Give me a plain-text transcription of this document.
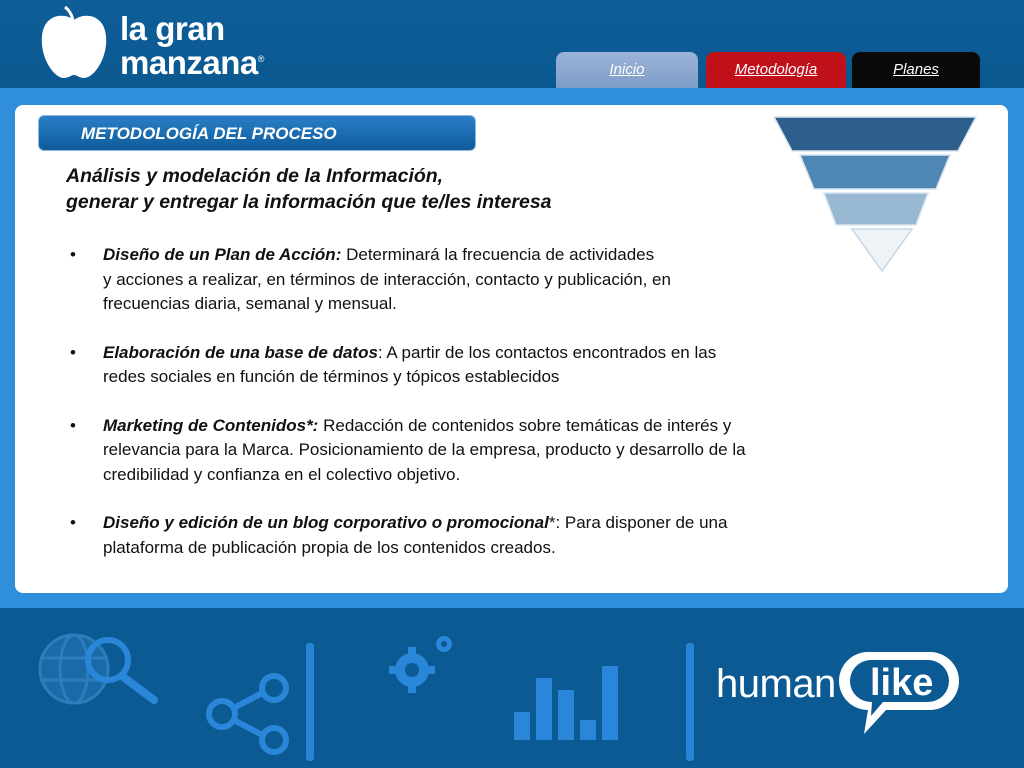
la gran
manzana®
Inicio	Metodología	Planes
METODOLOGÍA DEL PROCESO
Análisis y modelación de la Información,
generar y entregar la información que te/les interesa
• Diseño de un Plan de Acción: Determinará la frecuencia de actividades
y acciones a realizar, en términos de interacción, contacto y publicación, en
frecuencias diaria, semanal y mensual.
• Elaboración de una base de datos: A partir de los contactos encontrados en las
redes sociales en función de términos y tópicos establecidos
• Marketing de Contenidos*: Redacción de contenidos sobre temáticas de interés y
relevancia para la Marca. Posicionamiento de la empresa, producto y desarrollo de la
credibilidad y confianza en el colectivo objetivo.
• Diseño y edición de un blog corporativo o promocional*: Para disponer de una
plataforma de publicación propia de los contenidos creados.
human like
